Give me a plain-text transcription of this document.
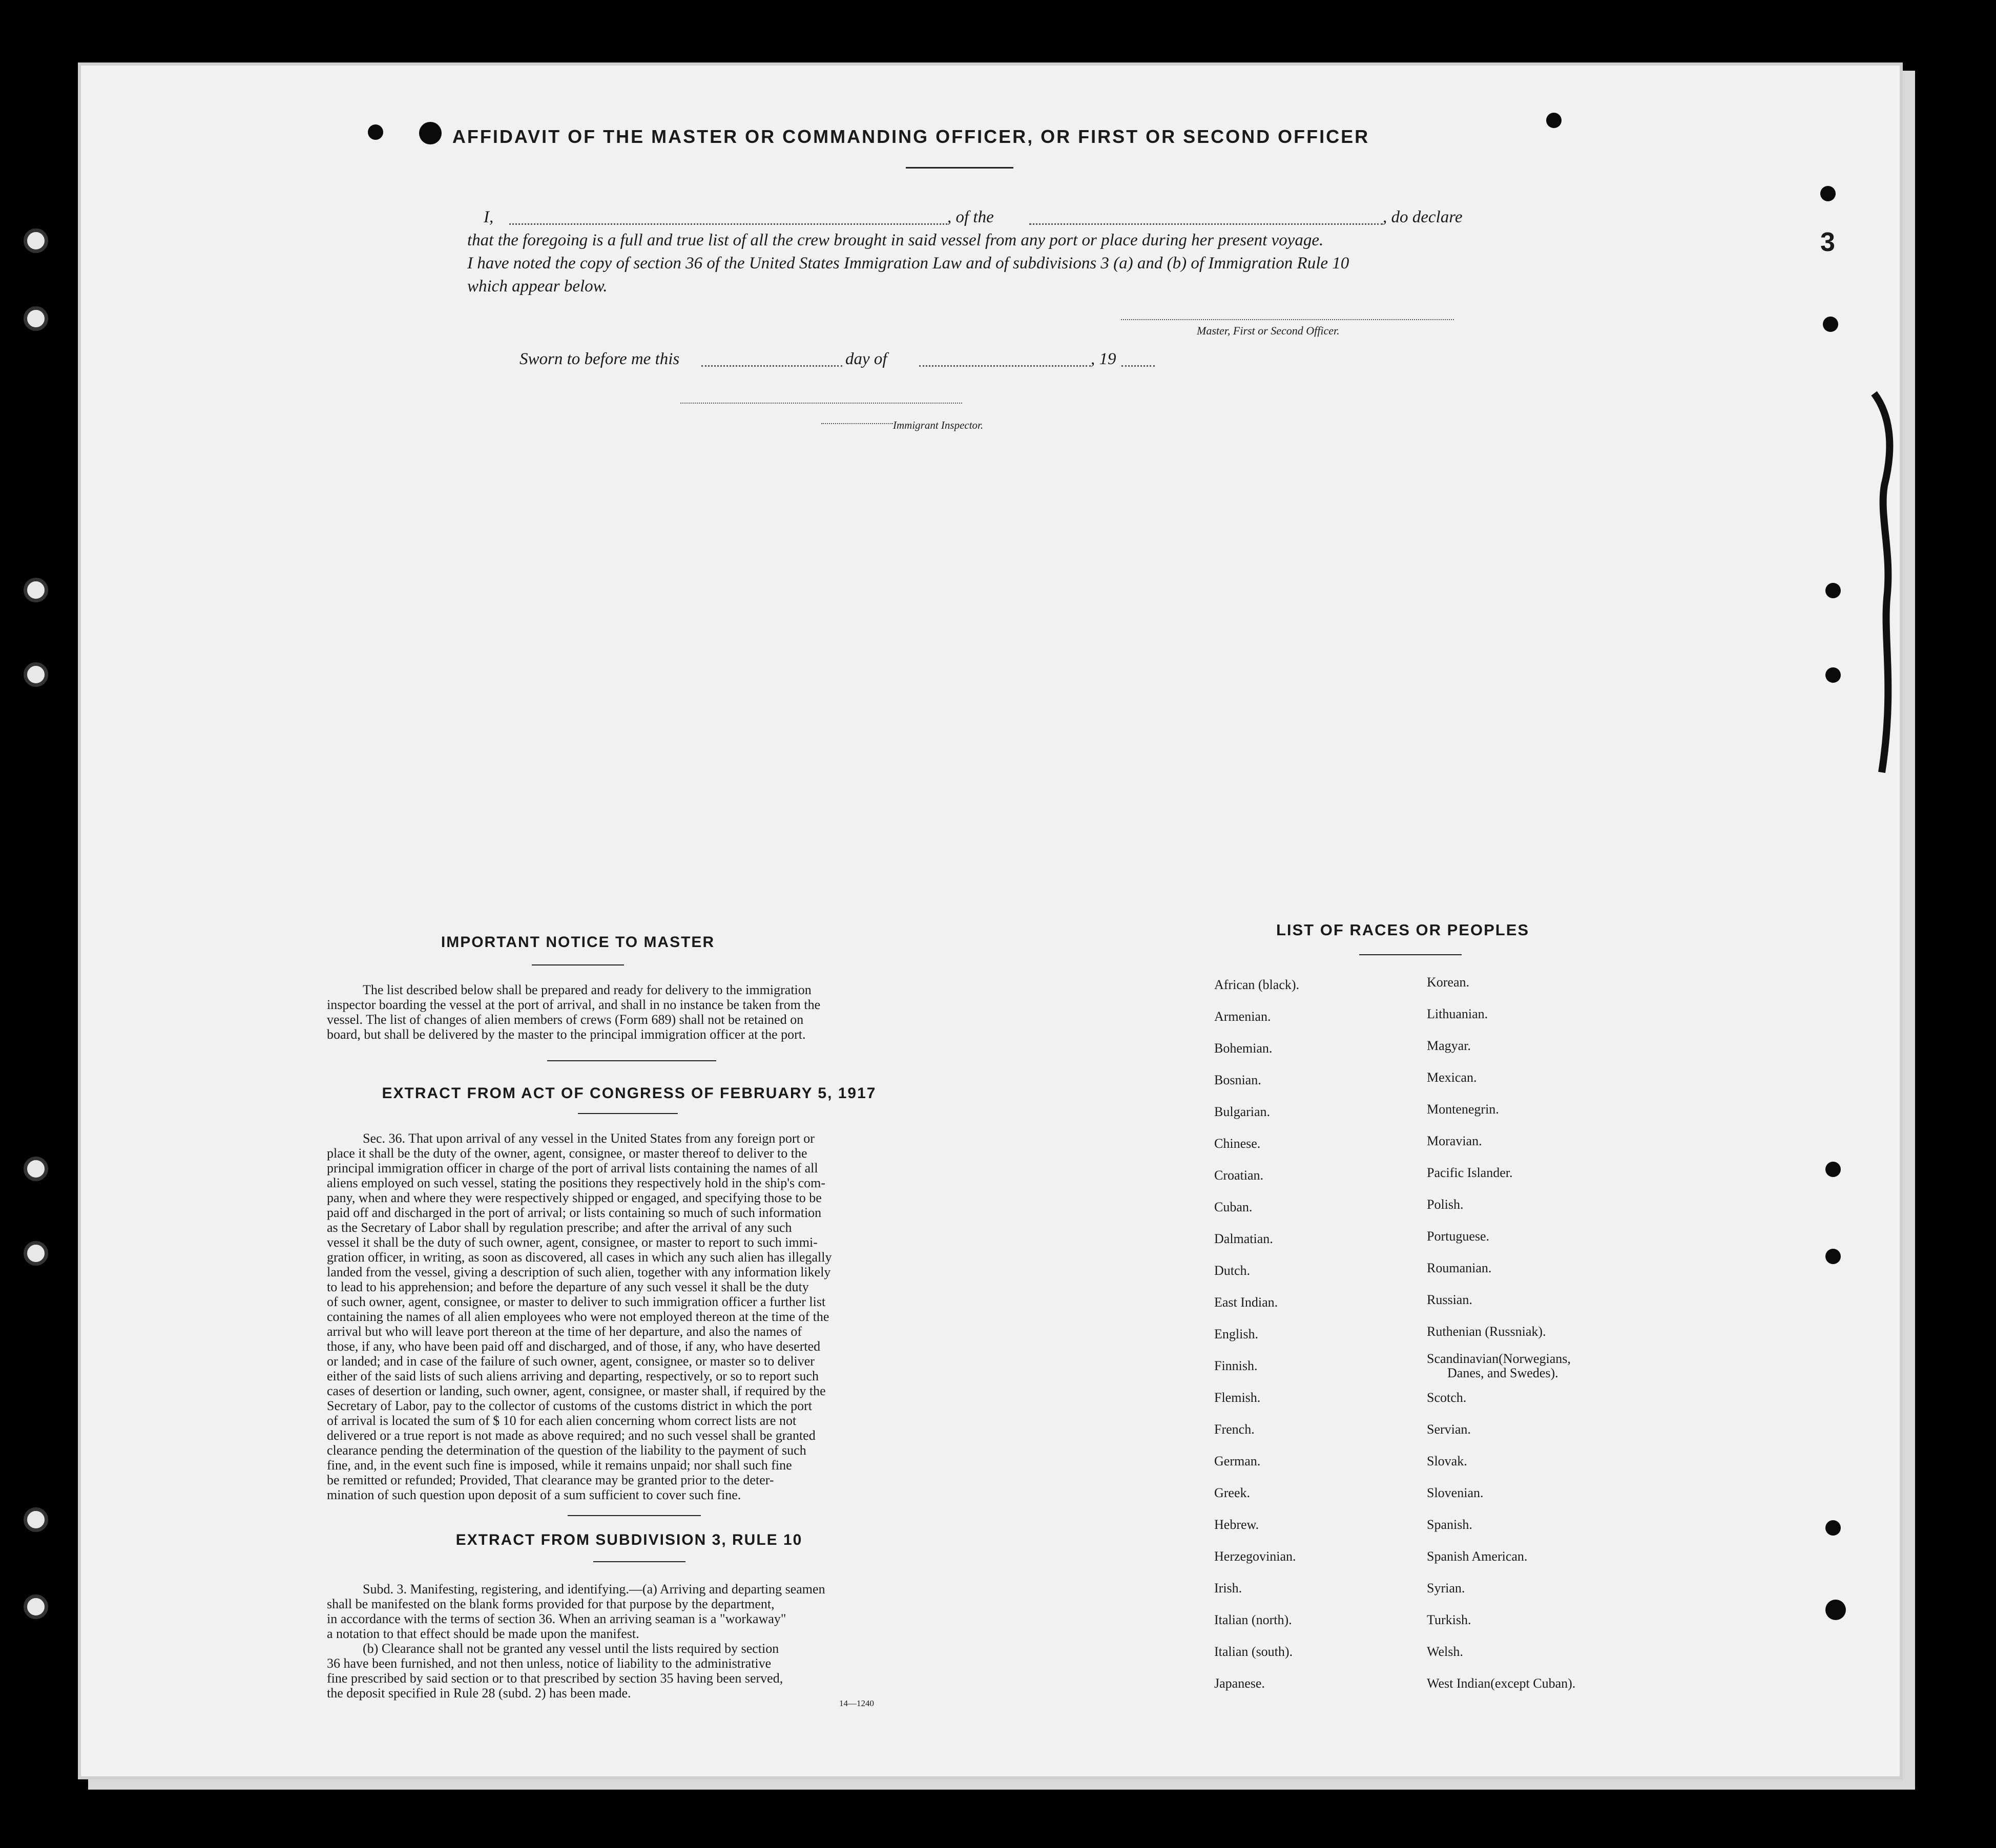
3
AFFIDAVIT OF THE MASTER OR COMMANDING OFFICER, OR FIRST OR SECOND OFFICER
I,	, of the	, do declare
that the foregoing is a full and true list of all the crew brought in said vessel from any port or place during her present voyage.
I have noted the copy of section 36 of the United States Immigration Law and of subdivisions 3 (a) and (b) of Immigration Rule 10
which appear below.
Master, First or Second Officer.
Sworn to before me this	day of	, 19
Immigrant Inspector.
IMPORTANT NOTICE TO MASTER
The list described below shall be prepared and ready for delivery to the immigration
inspector boarding the vessel at the port of arrival, and shall in no instance be taken from the
vessel. The list of changes of alien members of crews (Form 689) shall not be retained on
board, but shall be delivered by the master to the principal immigration officer at the port.
EXTRACT FROM ACT OF CONGRESS OF FEBRUARY 5, 1917
Sec. 36. That upon arrival of any vessel in the United States from any foreign port or
place it shall be the duty of the owner, agent, consignee, or master thereof to deliver to the
principal immigration officer in charge of the port of arrival lists containing the names of all
aliens employed on such vessel, stating the positions they respectively hold in the ship's com-
pany, when and where they were respectively shipped or engaged, and specifying those to be
paid off and discharged in the port of arrival; or lists containing so much of such information
as the Secretary of Labor shall by regulation prescribe; and after the arrival of any such
vessel it shall be the duty of such owner, agent, consignee, or master to report to such immi-
gration officer, in writing, as soon as discovered, all cases in which any such alien has illegally
landed from the vessel, giving a description of such alien, together with any information likely
to lead to his apprehension; and before the departure of any such vessel it shall be the duty
of such owner, agent, consignee, or master to deliver to such immigration officer a further list
containing the names of all alien employees who were not employed thereon at the time of the
arrival but who will leave port thereon at the time of her departure, and also the names of
those, if any, who have been paid off and discharged, and of those, if any, who have deserted
or landed; and in case of the failure of such owner, agent, consignee, or master so to deliver
either of the said lists of such aliens arriving and departing, respectively, or so to report such
cases of desertion or landing, such owner, agent, consignee, or master shall, if required by the
Secretary of Labor, pay to the collector of customs of the customs district in which the port
of arrival is located the sum of $ 10 for each alien concerning whom correct lists are not
delivered or a true report is not made as above required; and no such vessel shall be granted
clearance pending the determination of the question of the liability to the payment of such
fine, and, in the event such fine is imposed, while it remains unpaid; nor shall such fine
be remitted or refunded; Provided, That clearance may be granted prior to the deter-
mination of such question upon deposit of a sum sufficient to cover such fine.
EXTRACT FROM SUBDIVISION 3, RULE 10
Subd. 3. Manifesting, registering, and identifying.—(a) Arriving and departing seamen
shall be manifested on the blank forms provided for that purpose by the department,
in accordance with the terms of section 36. When an arriving seaman is a "workaway"
a notation to that effect should be made upon the manifest.
(b) Clearance shall not be granted any vessel until the lists required by section
36 have been furnished, and not then unless, notice of liability to the administrative
fine prescribed by said section or to that prescribed by section 35 having been served,
the deposit specified in Rule 28 (subd. 2) has been made.
14—1240
LIST OF RACES OR PEOPLES
African (black).
Armenian.
Bohemian.
Bosnian.
Bulgarian.
Chinese.
Croatian.
Cuban.
Dalmatian.
Dutch.
East Indian.
English.
Finnish.
Flemish.
French.
German.
Greek.
Hebrew.
Herzegovinian.
Irish.
Italian (north).
Italian (south).
Japanese.
Korean.
Lithuanian.
Magyar.
Mexican.
Montenegrin.
Moravian.
Pacific Islander.
Polish.
Portuguese.
Roumanian.
Russian.
Ruthenian (Russniak).
Scandinavian(Norwegians,
Danes, and Swedes).
Scotch.
Servian.
Slovak.
Slovenian.
Spanish.
Spanish American.
Syrian.
Turkish.
Welsh.
West Indian(except Cuban).
